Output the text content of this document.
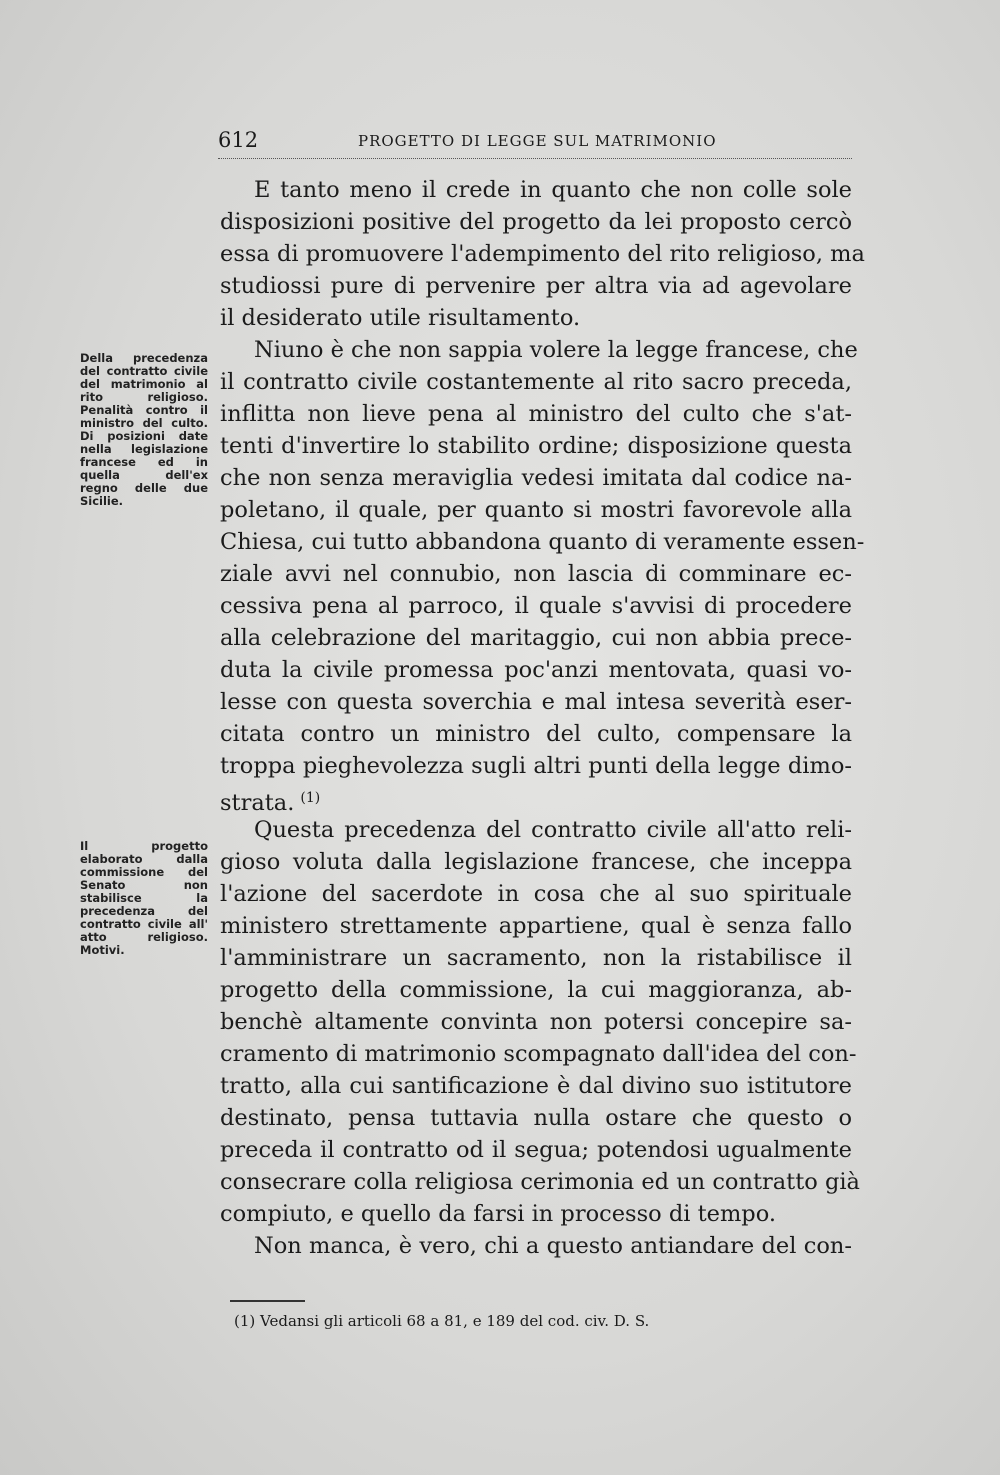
612	PROGETTO DI LEGGE SUL MATRIMONIO
Della precedenza del contratto civile del matrimonio al rito religioso. Penalità contro il ministro del culto. Di posizioni date nella legislazione francese ed in quella dell'ex regno delle due Sicilie.
Il progetto elaborato dalla commissione del Senato non stabilisce la precedenza del contratto civile all' atto religioso. Motivi.
E tanto meno il crede in quanto che non colle sole
disposizioni positive del progetto da lei proposto cercò
essa di promuovere l'adempimento del rito religioso, ma
studiossi pure di pervenire per altra via ad agevolare
il desiderato utile risultamento.
Niuno è che non sappia volere la legge francese, che
il contratto civile costantemente al rito sacro preceda,
inflitta non lieve pena al ministro del culto che s'at-
tenti d'invertire lo stabilito ordine; disposizione questa
che non senza meraviglia vedesi imitata dal codice na-
poletano, il quale, per quanto si mostri favorevole alla
Chiesa, cui tutto abbandona quanto di veramente essen-
ziale avvi nel connubio, non lascia di comminare ec-
cessiva pena al parroco, il quale s'avvisi di procedere
alla celebrazione del maritaggio, cui non abbia prece-
duta la civile promessa poc'anzi mentovata, quasi vo-
lesse con questa soverchia e mal intesa severità eser-
citata contro un ministro del culto, compensare la
troppa pieghevolezza sugli altri punti della legge dimo-
strata. $^{(1)}$
Questa precedenza del contratto civile all'atto reli-
gioso voluta dalla legislazione francese, che inceppa
l'azione del sacerdote in cosa che al suo spirituale
ministero strettamente appartiene, qual è senza fallo
l'amministrare un sacramento, non la ristabilisce il
progetto della commissione, la cui maggioranza, ab-
benchè altamente convinta non potersi concepire sa-
cramento di matrimonio scompagnato dall'idea del con-
tratto, alla cui santificazione è dal divino suo istitutore
destinato, pensa tuttavia nulla ostare che questo o
preceda il contratto od il segua; potendosi ugualmente
consecrare colla religiosa cerimonia ed un contratto già
compiuto, e quello da farsi in processo di tempo.
Non manca, è vero, chi a questo antiandare del con-
(1) Vedansi gli articoli 68 a 81, e 189 del cod. civ. D. S.
